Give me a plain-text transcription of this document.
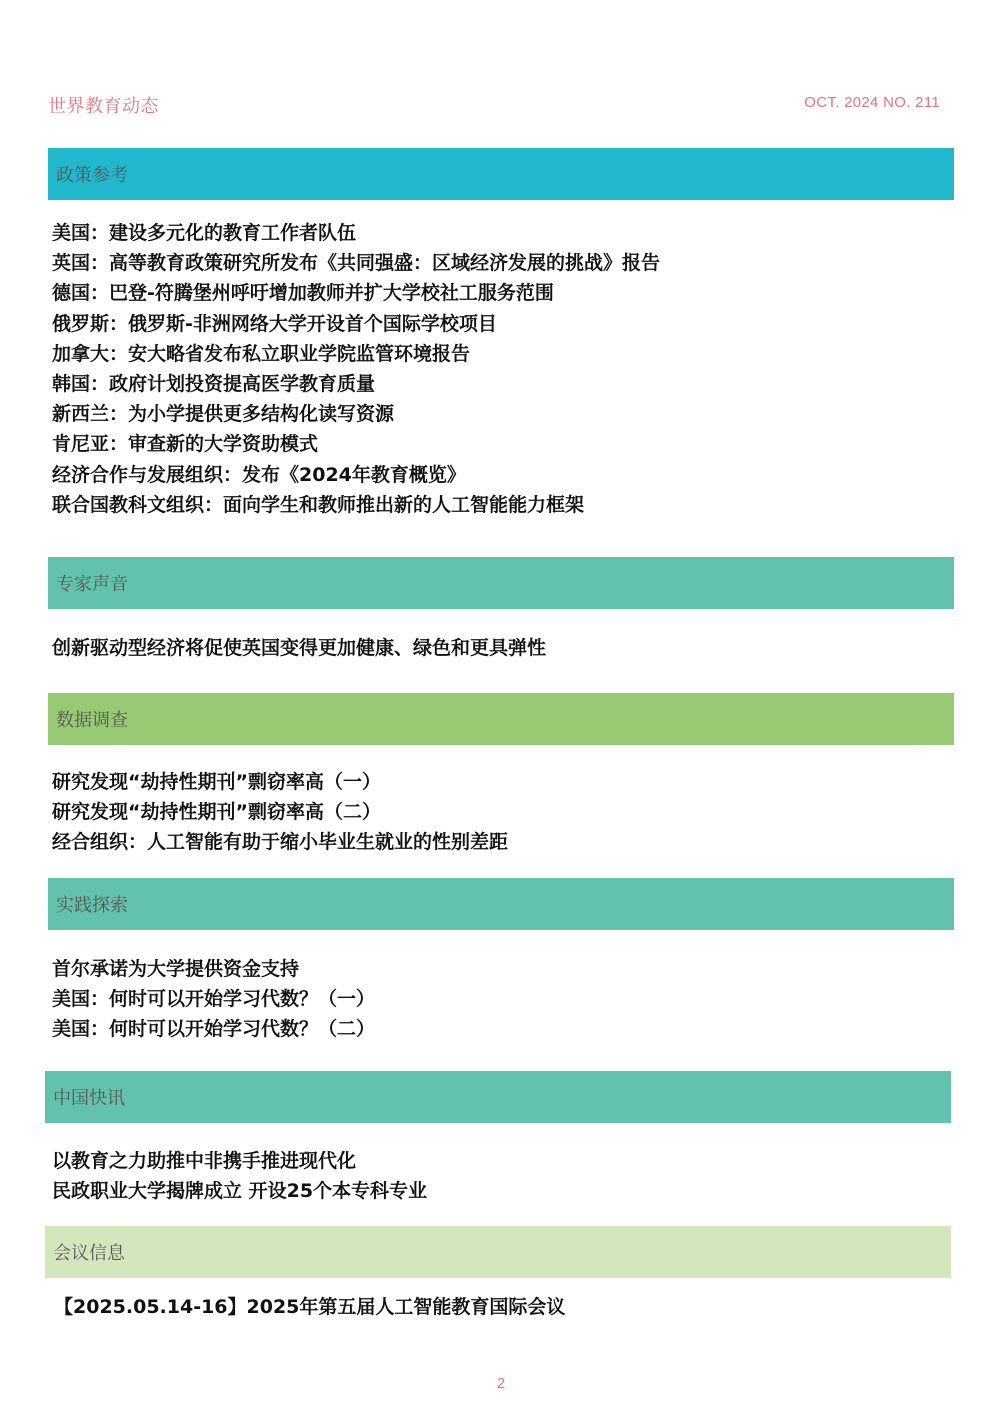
世界教育动态	OCT. 2024 NO. 211
政策参考
美国：建设多元化的教育工作者队伍
英国：高等教育政策研究所发布《共同强盛：区域经济发展的挑战》报告
德国：巴登-符腾堡州呼吁增加教师并扩大学校社工服务范围
俄罗斯：俄罗斯-非洲网络大学开设首个国际学校项目
加拿大：安大略省发布私立职业学院监管环境报告
韩国：政府计划投资提高医学教育质量
新西兰：为小学提供更多结构化读写资源
肯尼亚：审查新的大学资助模式
经济合作与发展组织：发布《2024年教育概览》
联合国教科文组织：面向学生和教师推出新的人工智能能力框架
专家声音
创新驱动型经济将促使英国变得更加健康、绿色和更具弹性
数据调查
研究发现“劫持性期刊”剽窃率高（一）
研究发现“劫持性期刊”剽窃率高（二）
经合组织：人工智能有助于缩小毕业生就业的性别差距
实践探索
首尔承诺为大学提供资金支持
美国：何时可以开始学习代数？（一）
美国：何时可以开始学习代数？（二）
中国快讯
以教育之力助推中非携手推进现代化
民政职业大学揭牌成立 开设25个本专科专业
会议信息
【2025.05.14-16】2025年第五届人工智能教育国际会议
2
